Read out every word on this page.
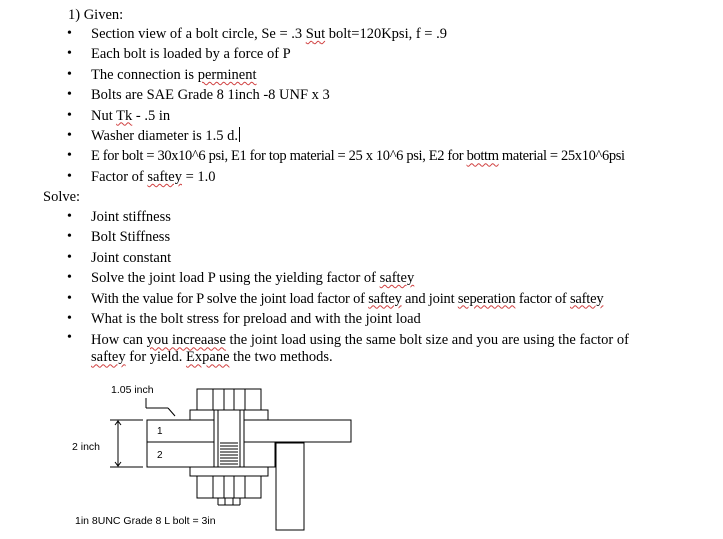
1) Given:
• Section view of a bolt circle, Se = .3 Sut bolt=120Kpsi, f = .9
• Each bolt is loaded by a force of P
• The connection is perminent
• Bolts are SAE Grade 8 1inch -8 UNF x 3
• Nut Tk - .5 in
• Washer diameter is 1.5 d.
• E for bolt = 30x10^6 psi, E1 for top material = 25 x 10^6 psi, E2 for bottm material = 25x10^6psi
• Factor of saftey = 1.0
Solve:
• Joint stiffness
• Bolt Stiffness
• Joint constant
• Solve the joint load P using the yielding factor of saftey
• With the value for P solve the joint load factor of saftey and joint seperation factor of saftey
• What is the bolt stress for preload and with the joint load
• How can you increaase the joint load using the same bolt size and you are using the factor of saftey for yield. Expane the two methods.
1.05 inch
2 inch
1
2
1in 8UNC Grade 8 L bolt = 3in
